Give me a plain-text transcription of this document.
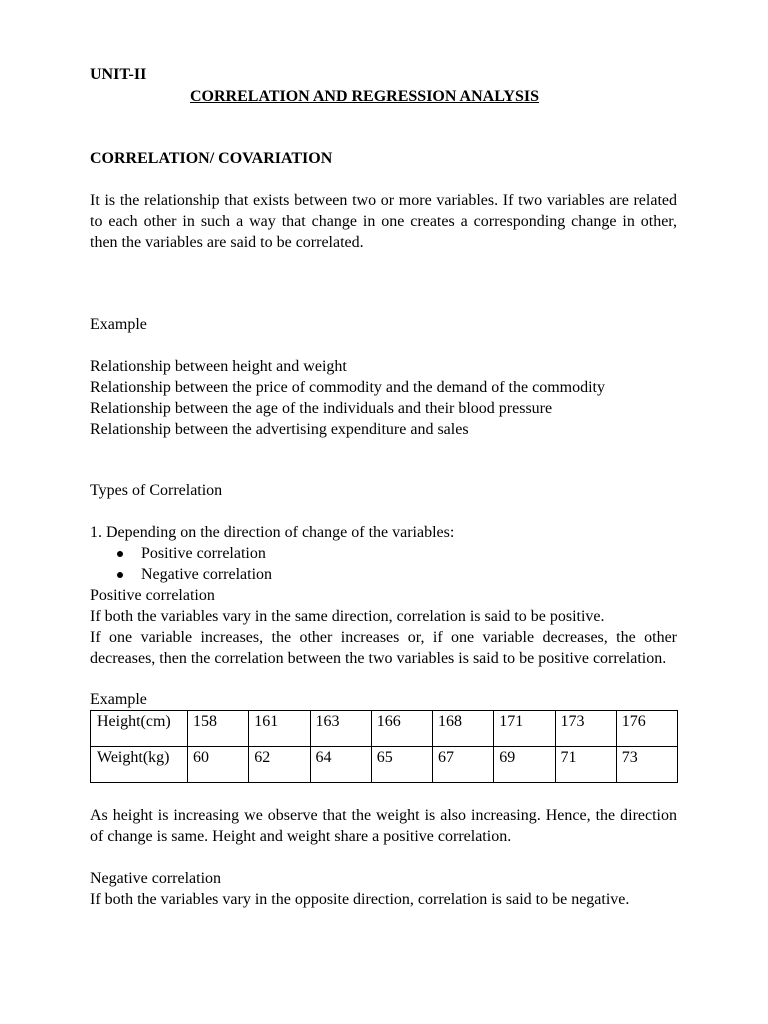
UNIT-II
CORRELATION AND REGRESSION ANALYSIS
CORRELATION/ COVARIATION
It is the relationship that exists between two or more variables. If two variables are related to each other in such a way that change in one creates a corresponding change in other, then the variables are said to be correlated.
Example
Relationship between height and weight
Relationship between the price of commodity and the demand of the commodity
Relationship between the age of the individuals and their blood pressure
Relationship between the advertising expenditure and sales
Types of Correlation
1. Depending on the direction of change of the variables:
Positive correlation
Negative correlation
Positive correlation
If both the variables vary in the same direction, correlation is said to be positive.
If one variable increases, the other increases or, if one variable decreases, the other decreases, then the correlation between the two variables is said to be positive correlation.
Example
Height(cm)	158	161	163	166	168	171	173	176
Weight(kg)	60	62	64	65	67	69	71	73
As height is increasing we observe that the weight is also increasing. Hence, the direction of change is same. Height and weight share a positive correlation.
Negative correlation
If both the variables vary in the opposite direction, correlation is said to be negative.
